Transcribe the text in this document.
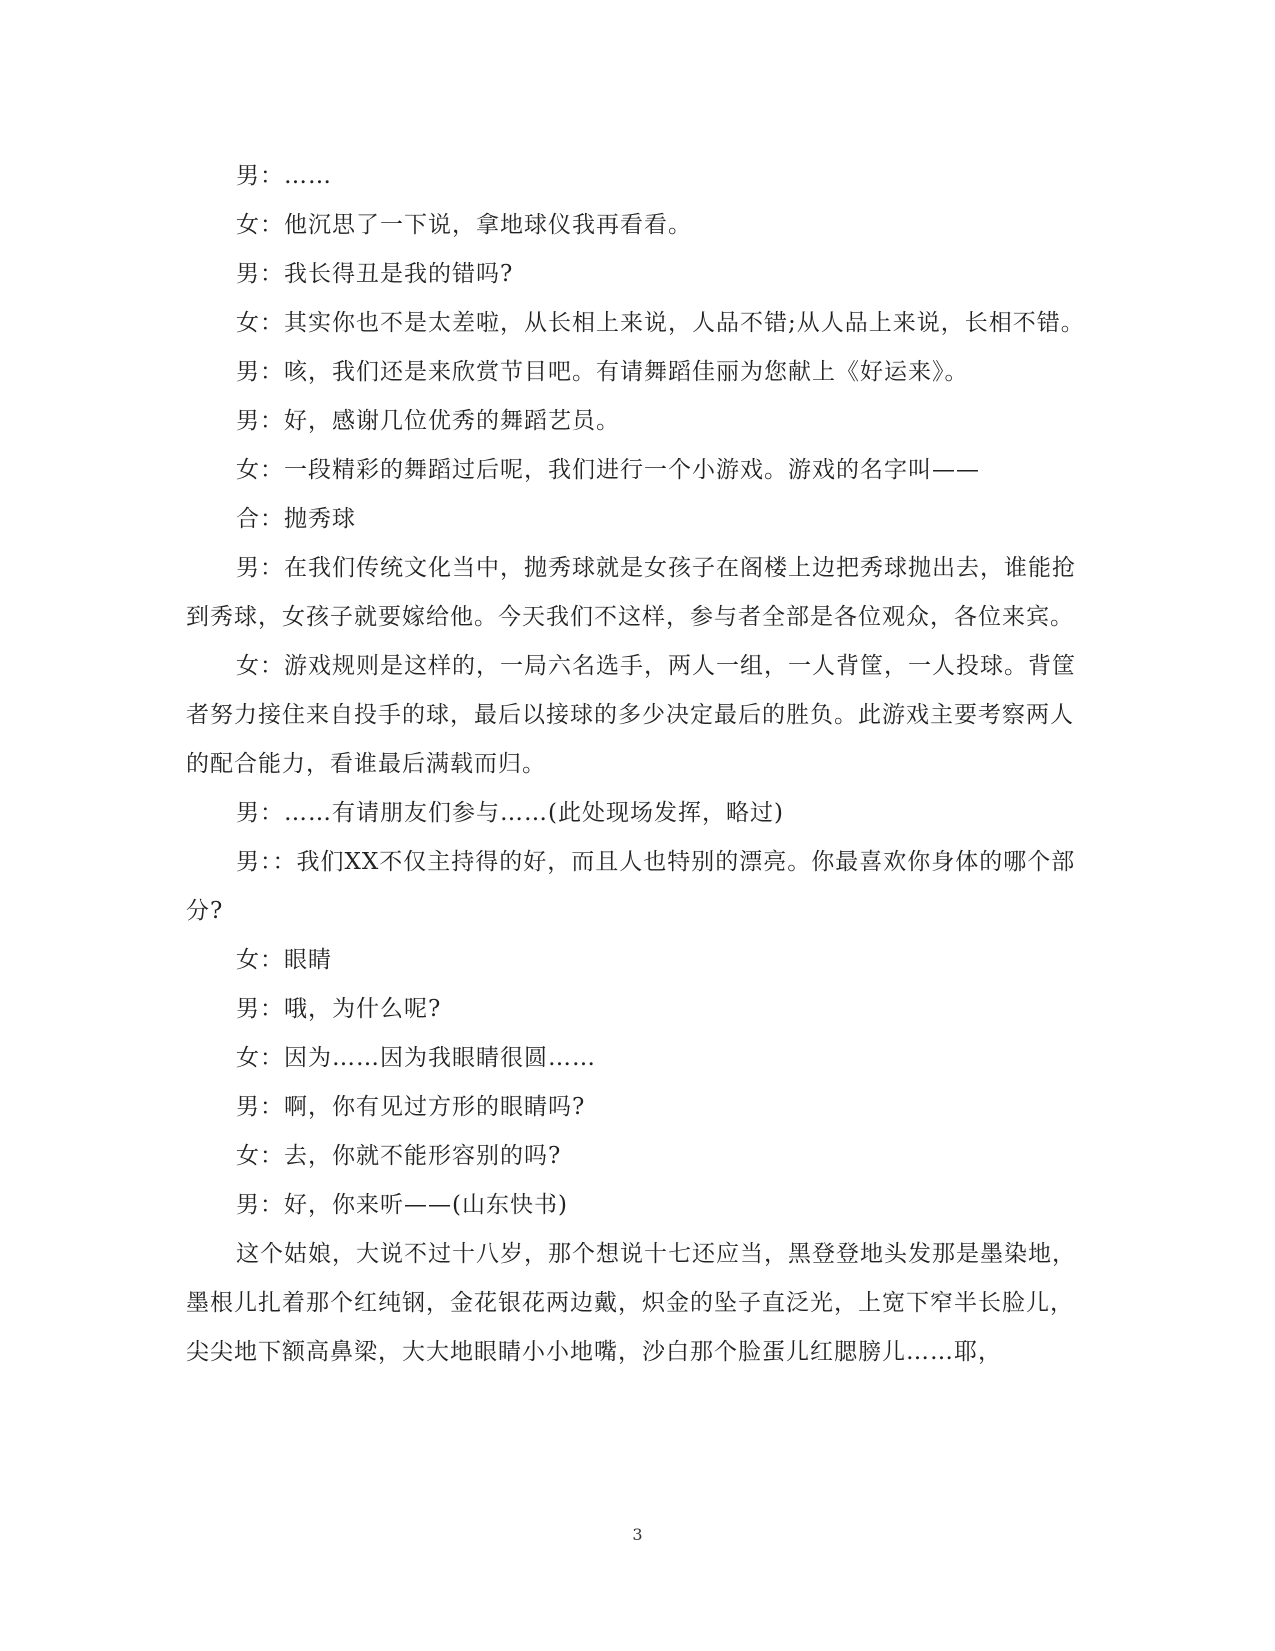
男：……

女：他沉思了一下说，拿地球仪我再看看。

男：我长得丑是我的错吗?

女：其实你也不是太差啦，从长相上来说，人品不错;从人品上来说，长相不错。

男：咳，我们还是来欣赏节目吧。有请舞蹈佳丽为您献上《好运来》。

男：好，感谢几位优秀的舞蹈艺员。

女：一段精彩的舞蹈过后呢，我们进行一个小游戏。游戏的名字叫——

合：抛秀球

男：在我们传统文化当中，抛秀球就是女孩子在阁楼上边把秀球抛出去，谁能抢到秀球，女孩子就要嫁给他。今天我们不这样，参与者全部是各位观众，各位来宾。

女：游戏规则是这样的，一局六名选手，两人一组，一人背筐，一人投球。背筐者努力接住来自投手的球，最后以接球的多少决定最后的胜负。此游戏主要考察两人的配合能力，看谁最后满载而归。

男：……有请朋友们参与……(此处现场发挥，略过)

男：：我们XX不仅主持得的好，而且人也特别的漂亮。你最喜欢你身体的哪个部分?

女：眼睛

男：哦，为什么呢?

女：因为……因为我眼睛很圆……

男：啊，你有见过方形的眼睛吗?

女：去，你就不能形容别的吗?

男：好，你来听——(山东快书)

这个姑娘，大说不过十八岁，那个想说十七还应当，黑登登地头发那是墨染地，墨根儿扎着那个红纯钢，金花银花两边戴，炽金的坠子直泛光，上宽下窄半长脸儿，尖尖地下额高鼻梁，大大地眼睛小小地嘴，沙白那个脸蛋儿红腮膀儿……耶，

3
